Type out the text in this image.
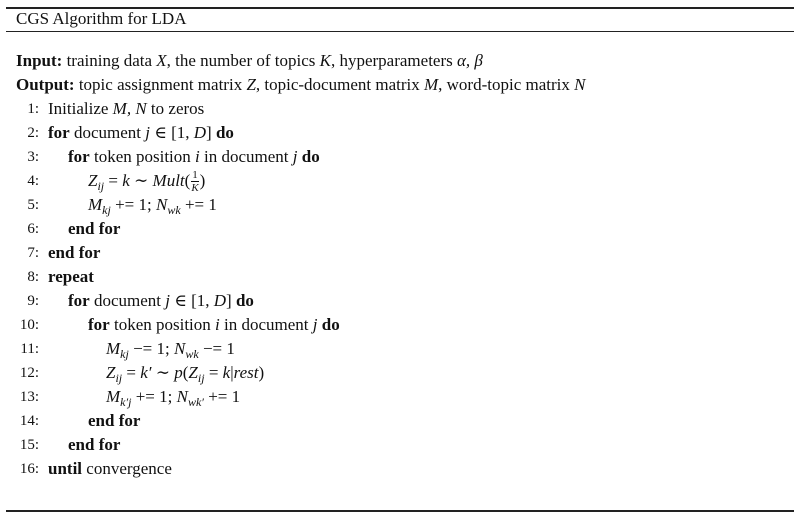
CGS Algorithm for LDA
Input: training data X, the number of topics K, hyperparameters α, β
Output: topic assignment matrix Z, topic-document matrix M, word-topic matrix N
1: Initialize M, N to zeros
2: for document j ∈ [1, D] do
3: for token position i in document j do
4:	$Z_{ij} = k$ ∼ Mult( $\frac{1}{K}$ )
5:	$M_{kj} += 1$; $N_{wk} += 1$
6: end for
7: end for
8: repeat
9: for document j ∈ [1, D] do
10:	for token position i in document j do
11:	$M_{kj} -= 1$; $N_{wk} -= 1$
12:	$Z_{ij} = k'$ ∼ $p(Z_{ij}$ = k|rest)
13:	$M_{k'j} += 1$; $N_{wk'} += 1$
14:	end for
15: end for
16: until convergence
